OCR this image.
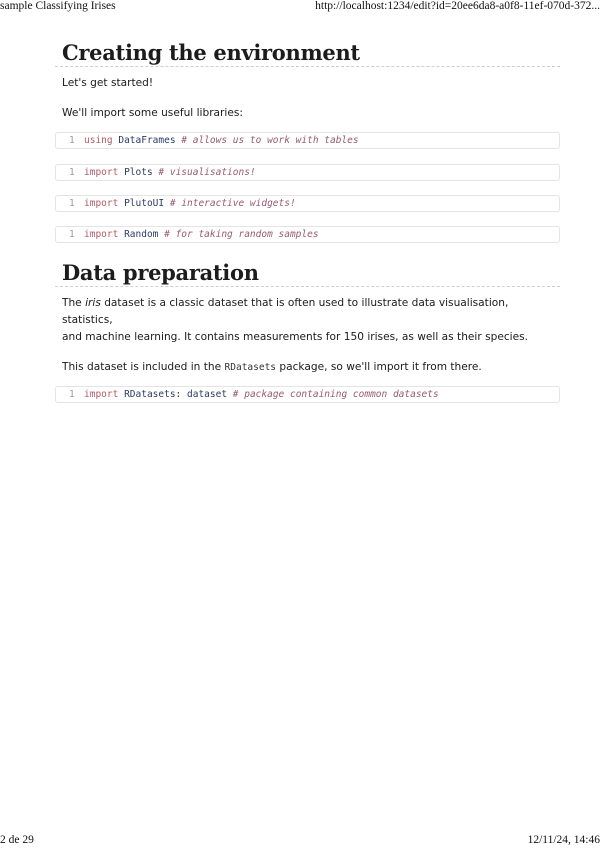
sample Classifying Irises	http://localhost:1234/edit?id=20ee6da8-a0f8-11ef-070d-372...
Creating the environment

Let's get started!

We'll import some useful libraries:

1 using DataFrames # allows us to work with tables
1 import Plots # visualisations!
1 import PlutoUI # interactive widgets!
1 import Random # for taking random samples
Data preparation

The iris dataset is a classic dataset that is often used to illustrate data visualisation, statistics,
and machine learning. It contains measurements for 150 irises, as well as their species.

This dataset is included in the RDatasets package, so we'll import it from there.

1 import RDatasets: dataset # package containing common datasets
2 de 29	12/11/24, 14:46
